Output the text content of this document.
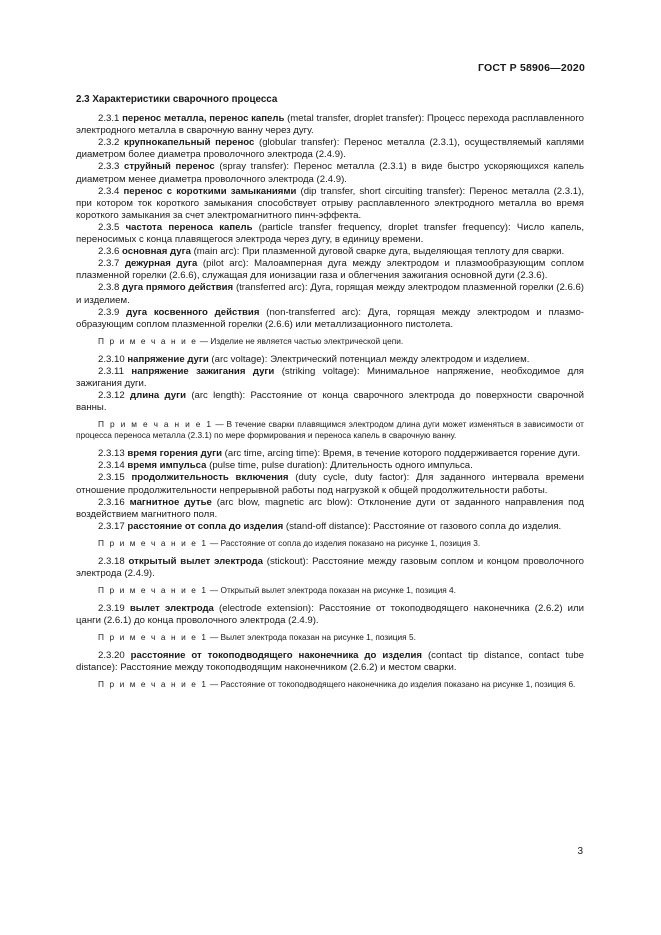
ГОСТ Р 58906—2020
2.3 Характеристики сварочного процесса

2.3.1 перенос металла, перенос капель (metal transfer, droplet transfer): Процесс перехода расплавленного электродного металла в сварочную ванну через дугу.

2.3.2 крупнокапельный перенос (globular transfer): Перенос металла (2.3.1), осуществляемый каплями диаметром более диаметра проволочного электрода (2.4.9).

2.3.3 струйный перенос (spray transfer): Перенос металла (2.3.1) в виде быстро ускоряющихся капель диаметром менее диаметра проволочного электрода (2.4.9).

2.3.4 перенос с короткими замыканиями (dip transfer, short circuiting transfer): Перенос металла (2.3.1), при котором ток короткого замыкания способствует отрыву расплавленного электродного металла во время короткого замыкания за счет электромагнитного пинч-эффекта.

2.3.5 частота переноса капель (particle transfer frequency, droplet transfer frequency): Число капель, переносимых с конца плавящегося электрода через дугу, в единицу времени.

2.3.6 основная дуга (main arc): При плазменной дуговой сварке дуга, выделяющая теплоту для сварки.

2.3.7 дежурная дуга (pilot arc): Малоамперная дуга между электродом и плазмообразующим соплом плазменной горелки (2.6.6), служащая для ионизации газа и облегчения зажигания основной дуги (2.3.6).

2.3.8 дуга прямого действия (transferred arc): Дуга, горящая между электродом плазменной горелки (2.6.6) и изделием.

2.3.9 дуга косвенного действия (non-transferred arc): Дуга, горящая между электродом и плазмообразующим соплом плазменной горелки (2.6.6) или металлизационного пистолета.

П р и м е ч а н и е — Изделие не является частью электрической цепи.

2.3.10 напряжение дуги (arc voltage): Электрический потенциал между электродом и изделием.

2.3.11 напряжение зажигания дуги (striking voltage): Минимальное напряжение, необходимое для зажигания дуги.

2.3.12 длина дуги (arc length): Расстояние от конца сварочного электрода до поверхности сварочной ванны.

П р и м е ч а н и е 1 — В течение сварки плавящимся электродом длина дуги может изменяться в зависимости от процесса переноса металла (2.3.1) по мере формирования и переноса капель в сварочную ванну.

2.3.13 время горения дуги (arc time, arcing time): Время, в течение которого поддерживается горение дуги.

2.3.14 время импульса (pulse time, pulse duration): Длительность одного импульса.

2.3.15 продолжительность включения (duty cycle, duty factor): Для заданного интервала времени отношение продолжительности непрерывной работы под нагрузкой к общей продолжительности работы.

2.3.16 магнитное дутье (arc blow, magnetic arc blow): Отклонение дуги от заданного направления под воздействием магнитного поля.

2.3.17 расстояние от сопла до изделия (stand-off distance): Расстояние от газового сопла до изделия.

П р и м е ч а н и е 1 — Расстояние от сопла до изделия показано на рисунке 1, позиция 3.

2.3.18 открытый вылет электрода (stickout): Расстояние между газовым соплом и концом проволочного электрода (2.4.9).

П р и м е ч а н и е 1 — Открытый вылет электрода показан на рисунке 1, позиция 4.

2.3.19 вылет электрода (electrode extension): Расстояние от токоподводящего наконечника (2.6.2) или цанги (2.6.1) до конца проволочного электрода (2.4.9).

П р и м е ч а н и е 1 — Вылет электрода показан на рисунке 1, позиция 5.

2.3.20 расстояние от токоподводящего наконечника до изделия (contact tip distance, contact tube distance): Расстояние между токоподводящим наконечником (2.6.2) и местом сварки.

П р и м е ч а н и е 1 — Расстояние от токоподводящего наконечника до изделия показано на рисунке 1, позиция 6.

3
